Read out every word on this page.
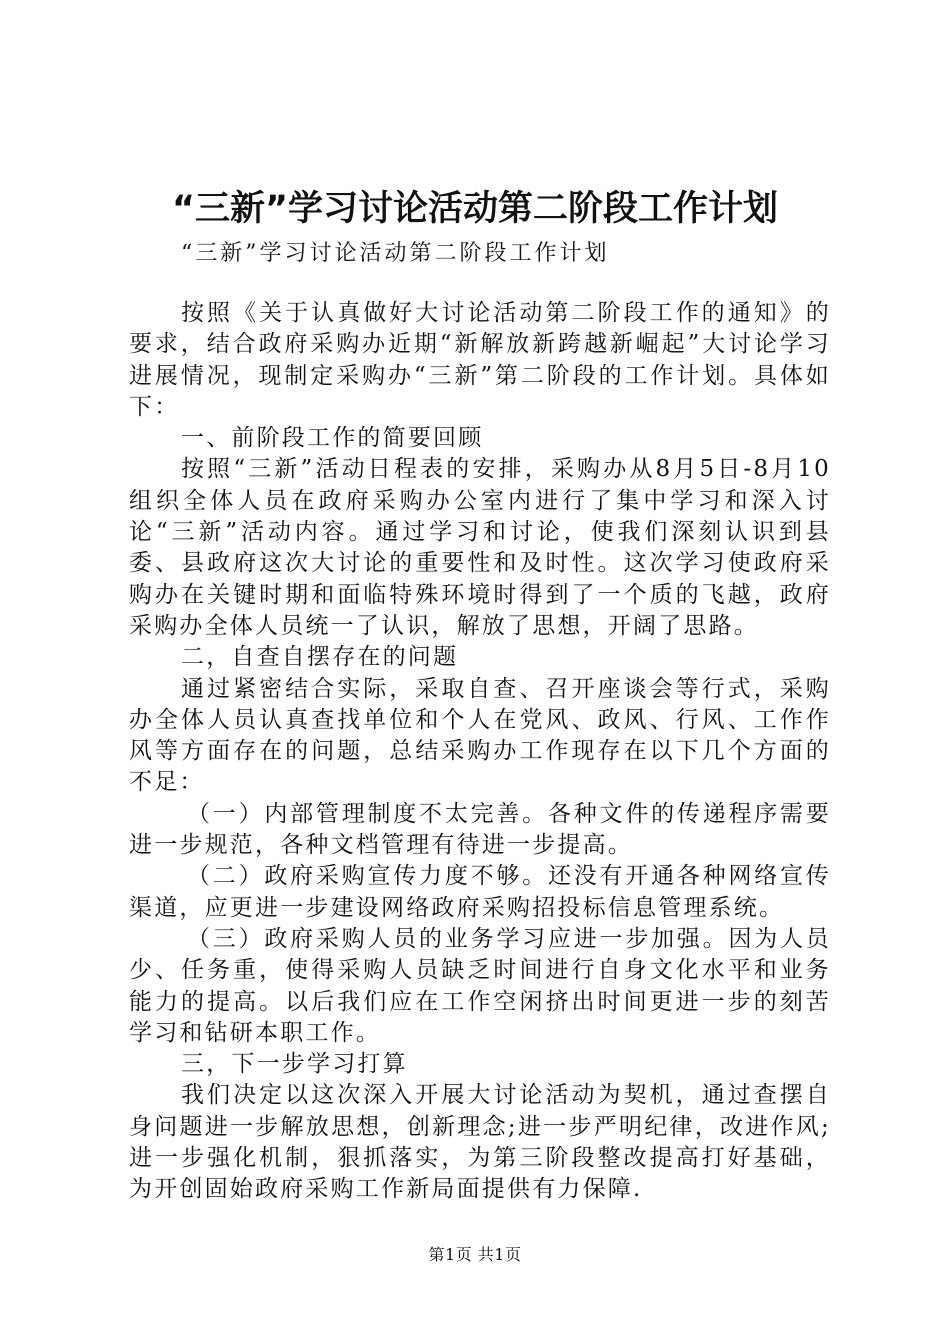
“三新”学习讨论活动第二阶段工作计划
“三新”学习讨论活动第二阶段工作计划

按照《关于认真做好大讨论活动第二阶段工作的通知》的要求，结合政府采购办近期“新解放新跨越新崛起”大讨论学习进展情况，现制定采购办“三新”第二阶段的工作计划。具体如下：

一、前阶段工作的简要回顾

按照“三新”活动日程表的安排，采购办从8月5日-8月10组织全体人员在政府采购办公室内进行了集中学习和深入讨论“三新”活动内容。通过学习和讨论，使我们深刻认识到县委、县政府这次大讨论的重要性和及时性。这次学习使政府采购办在关键时期和面临特殊环境时得到了一个质的飞越，政府采购办全体人员统一了认识，解放了思想，开阔了思路。

二，自查自摆存在的问题

通过紧密结合实际，采取自查、召开座谈会等行式，采购办全体人员认真查找单位和个人在党风、政风、行风、工作作风等方面存在的问题，总结采购办工作现存在以下几个方面的不足：

（一）内部管理制度不太完善。各种文件的传递程序需要进一步规范，各种文档管理有待进一步提高。

（二）政府采购宣传力度不够。还没有开通各种网络宣传渠道，应更进一步建设网络政府采购招投标信息管理系统。

（三）政府采购人员的业务学习应进一步加强。因为人员少、任务重，使得采购人员缺乏时间进行自身文化水平和业务能力的提高。以后我们应在工作空闲挤出时间更进一步的刻苦学习和钻研本职工作。

三，下一步学习打算

我们决定以这次深入开展大讨论活动为契机，通过查摆自身问题进一步解放思想，创新理念;进一步严明纪律，改进作风;进一步强化机制，狠抓落实，为第三阶段整改提高打好基础，为开创固始政府采购工作新局面提供有力保障.

第1页 共1页
